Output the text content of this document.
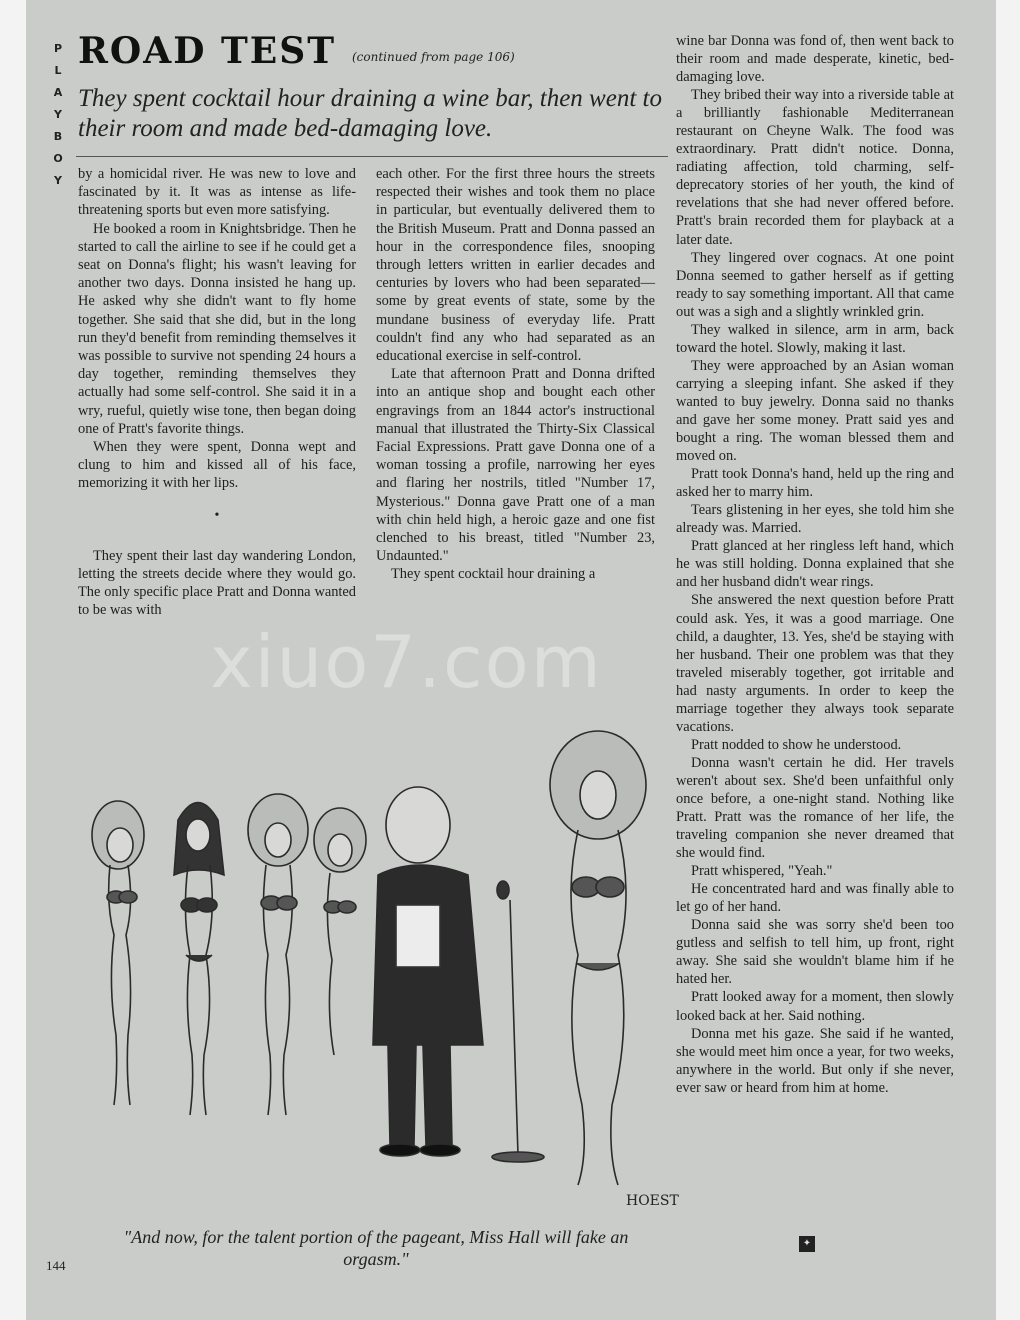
P
L
A
Y
B
O
Y
ROAD TEST (continued from page 106)
They spent cocktail hour draining a wine bar, then went to their room and made bed-damaging love.

by a homicidal river. He was new to love and fascinated by it. It was as intense as life-threatening sports but even more satisfying.

He booked a room in Knightsbridge. Then he started to call the airline to see if he could get a seat on Donna's flight; his wasn't leaving for another two days. Donna insisted he hang up. He asked why she didn't want to fly home together. She said that she did, but in the long run they'd benefit from reminding themselves it was possible to survive not spending 24 hours a day together, reminding themselves they actually had some self-control. She said it in a wry, rueful, quietly wise tone, then began doing one of Pratt's favorite things.

When they were spent, Donna wept and clung to him and kissed all of his face, memorizing it with her lips.

•

They spent their last day wandering London, letting the streets decide where they would go. The only specific place Pratt and Donna wanted to be was with

each other. For the first three hours the streets respected their wishes and took them no place in particular, but eventually delivered them to the British Museum. Pratt and Donna passed an hour in the correspondence files, snooping through letters written in earlier decades and centuries by lovers who had been separated—some by great events of state, some by the mundane business of everyday life. Pratt couldn't find any who had separated as an educational exercise in self-control.

Late that afternoon Pratt and Donna drifted into an antique shop and bought each other engravings from an 1844 actor's instructional manual that illustrated the Thirty-Six Classical Facial Expressions. Pratt gave Donna one of a woman tossing a profile, narrowing her eyes and flaring her nostrils, titled "Number 17, Mysterious." Donna gave Pratt one of a man with chin held high, a heroic gaze and one fist clenched to his breast, titled "Number 23, Undaunted."

They spent cocktail hour draining a

wine bar Donna was fond of, then went back to their room and made desperate, kinetic, bed-damaging love.

They bribed their way into a riverside table at a brilliantly fashionable Mediterranean restaurant on Cheyne Walk. The food was extraordinary. Pratt didn't notice. Donna, radiating affection, told charming, self-deprecatory stories of her youth, the kind of revelations that she had never offered before. Pratt's brain recorded them for playback at a later date.

They lingered over cognacs. At one point Donna seemed to gather herself as if getting ready to say something important. All that came out was a sigh and a slightly wrinkled grin.

They walked in silence, arm in arm, back toward the hotel. Slowly, making it last.

They were approached by an Asian woman carrying a sleeping infant. She asked if they wanted to buy jewelry. Donna said no thanks and gave her some money. Pratt said yes and bought a ring. The woman blessed them and moved on.

Pratt took Donna's hand, held up the ring and asked her to marry him.

Tears glistening in her eyes, she told him she already was. Married.

Pratt glanced at her ringless left hand, which he was still holding. Donna explained that she and her husband didn't wear rings.

She answered the next question before Pratt could ask. Yes, it was a good marriage. One child, a daughter, 13. Yes, she'd be staying with her husband. Their one problem was that they traveled miserably together, got irritable and had nasty arguments. In order to keep the marriage together they always took separate vacations.

Pratt nodded to show he understood.

Donna wasn't certain he did. Her travels weren't about sex. She'd been unfaithful only once before, a one-night stand. Nothing like Pratt. Pratt was the romance of her life, the traveling companion she never dreamed that she would find.

Pratt whispered, "Yeah."

He concentrated hard and was finally able to let go of her hand.

Donna said she was sorry she'd been too gutless and selfish to tell him, up front, right away. She said she wouldn't blame him if he hated her.

Pratt looked away for a moment, then slowly looked back at her. Said nothing.

Donna met his gaze. She said if he wanted, she would meet him once a year, for two weeks, anywhere in the world. But only if she never, ever saw or heard from him at home.

HOEST
"And now, for the talent portion of the pageant, Miss Hall will fake an orgasm."
144
✦
xiuo7.com
